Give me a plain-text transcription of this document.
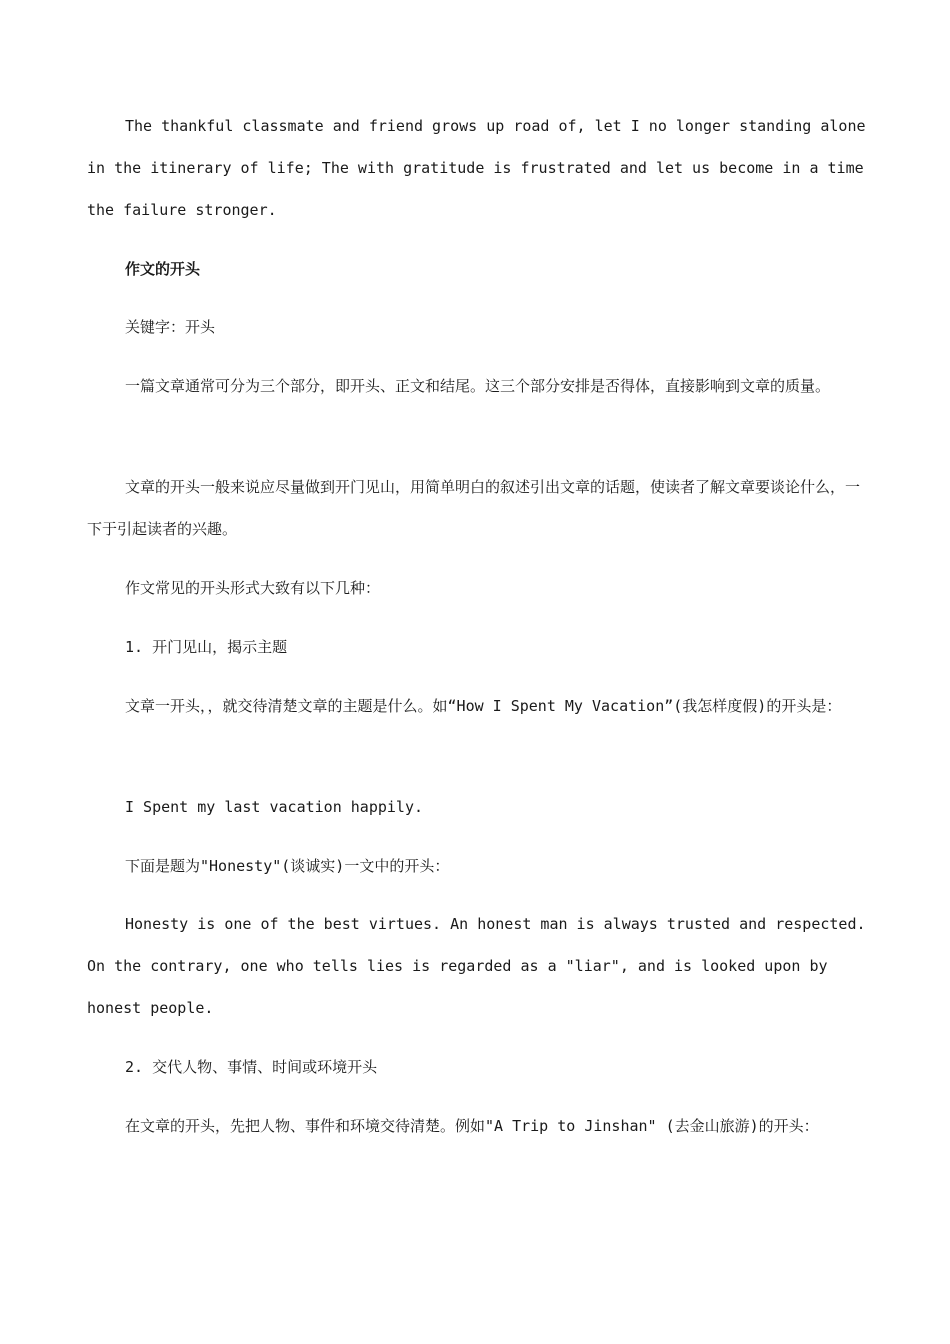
The thankful classmate and friend grows up road of, let I no longer standing alone in the itinerary of life; The with gratitude is frustrated and let us become in a time the failure stronger.

作文的开头

关键字：开头

一篇文章通常可分为三个部分，即开头、正文和结尾。这三个部分安排是否得体，直接影响到文章的质量。

文章的开头一般来说应尽量做到开门见山，用简单明白的叙述引出文章的话题，使读者了解文章要谈论什么，一下于引起读者的兴趣。

作文常见的开头形式大致有以下几种：

1. 开门见山，揭示主题

文章一开头，，就交待清楚文章的主题是什么。如“How I Spent My Vacation”(我怎样度假)的开头是：

I Spent my last vacation happily.

下面是题为"Honesty"(谈诚实)一文中的开头：

Honesty is one of the best virtues. An honest man is always trusted and respected. On the contrary, one who tells lies is regarded as a "liar", and is looked upon by honest people.

2. 交代人物、事情、时间或环境开头

在文章的开头，先把人物、事件和环境交待清楚。例如"A Trip to Jinshan" (去金山旅游)的开头：
